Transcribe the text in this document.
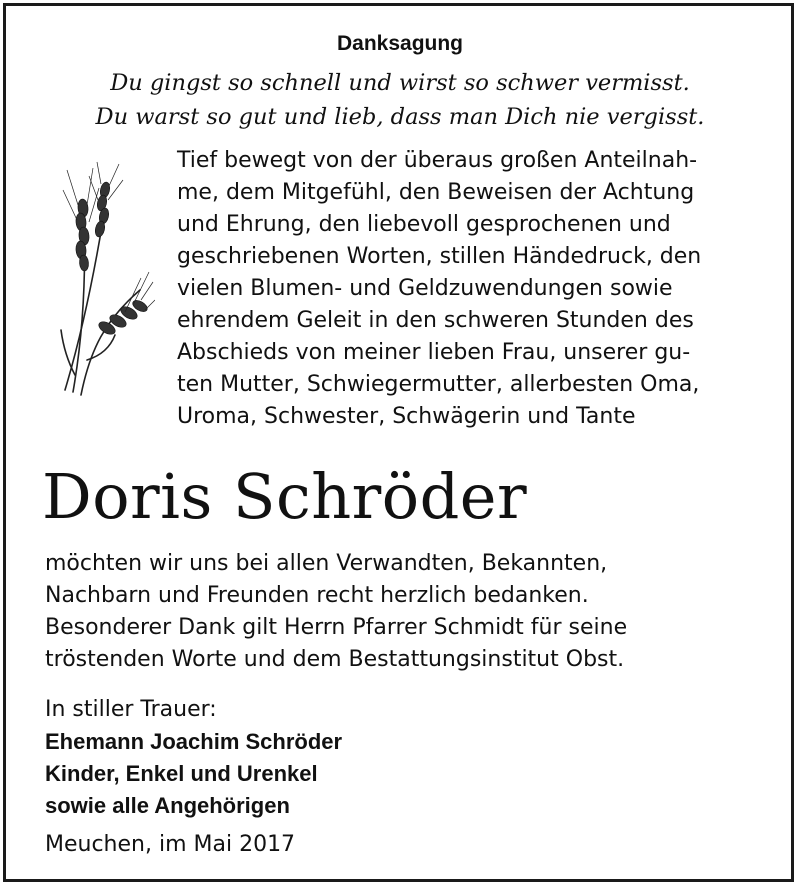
Danksagung
Du gingst so schnell und wirst so schwer vermisst.
Du warst so gut und lieb, dass man Dich nie vergisst.
Tief bewegt von der überaus großen Anteilnah-
me, dem Mitgefühl, den Beweisen der Achtung
und Ehrung, den liebevoll gesprochenen und
geschriebenen Worten, stillen Händedruck, den
vielen Blumen- und Geldzuwendungen sowie
ehrendem Geleit in den schweren Stunden des
Abschieds von meiner lieben Frau, unserer gu-
ten Mutter, Schwiegermutter, allerbesten Oma,
Uroma, Schwester, Schwägerin und Tante
Doris Schröder
möchten wir uns bei allen Verwandten, Bekannten,
Nachbarn und Freunden recht herzlich bedanken.
Besonderer Dank gilt Herrn Pfarrer Schmidt für seine
tröstenden Worte und dem Bestattungsinstitut Obst.
In stiller Trauer:
Ehemann Joachim Schröder
Kinder, Enkel und Urenkel
sowie alle Angehörigen
Meuchen, im Mai 2017
